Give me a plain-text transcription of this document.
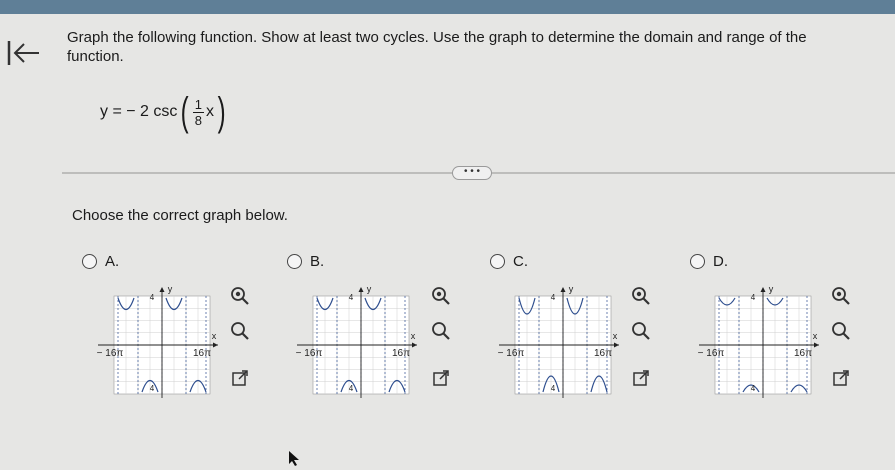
Graph the following function. Show at least two cycles. Use the graph to determine the domain and range of the function.
y = − 2 csc ( $\frac{1}{8}$ x )
• • •
Choose the correct graph below.
A.	B.	C.	D.
y
x
− 16π	16π
4
4
y
x
− 16π	16π
4
4
y
x
− 16π	16π
4
4
y
x
− 16π	16π
4
4
